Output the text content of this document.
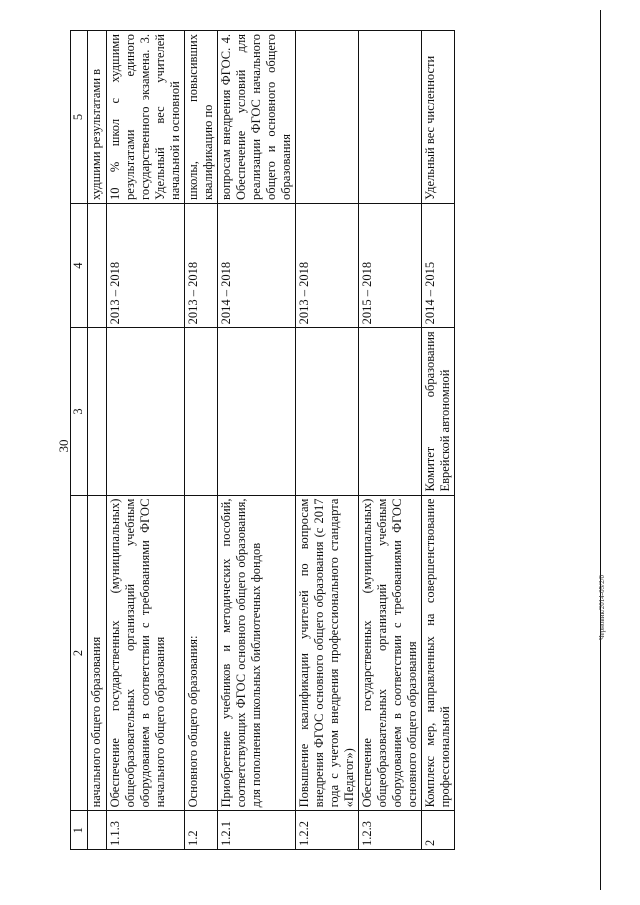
30
Черновик/2014-05/2/0
1	2	3	4	5
	начального общего образования			худшими результатами в
1.1.3	Обеспечение государственных (муниципальных) общеобразовательных организаций учебным оборудованием в соответствии с требованиями ФГОС начального общего образования		2013 – 2018	10 % школ с худшими результатами единого государственного экзамена. 3. Удельный вес учителей начальной и основной
1.2	Основного общего образования:		2013 – 2018	школы, повысивших квалификацию по
1.2.1	Приобретение учебников и методических пособий, соответствующих ФГОС основного общего образования, для пополнения школьных библиотечных фондов		2014 – 2018	вопросам внедрения ФГОС. 4. Обеспечение условий для реализации ФГОС начального общего и основного общего образования
1.2.2	Повышение квалификации учителей по вопросам внедрения ФГОС основного общего образования (с 2017 года с учетом внедрения профессионального стандарта «Педагог»)		2013 – 2018	
1.2.3	Обеспечение государственных (муниципальных) общеобразовательных организаций учебным оборудованием в соответствии с требованиями ФГОС основного общего образования		2015 – 2018	
2	Комплекс мер, направленных на совершенствование профессиональной	Комитет образования Еврейской автономной	2014 – 2015	Удельный вес численности
